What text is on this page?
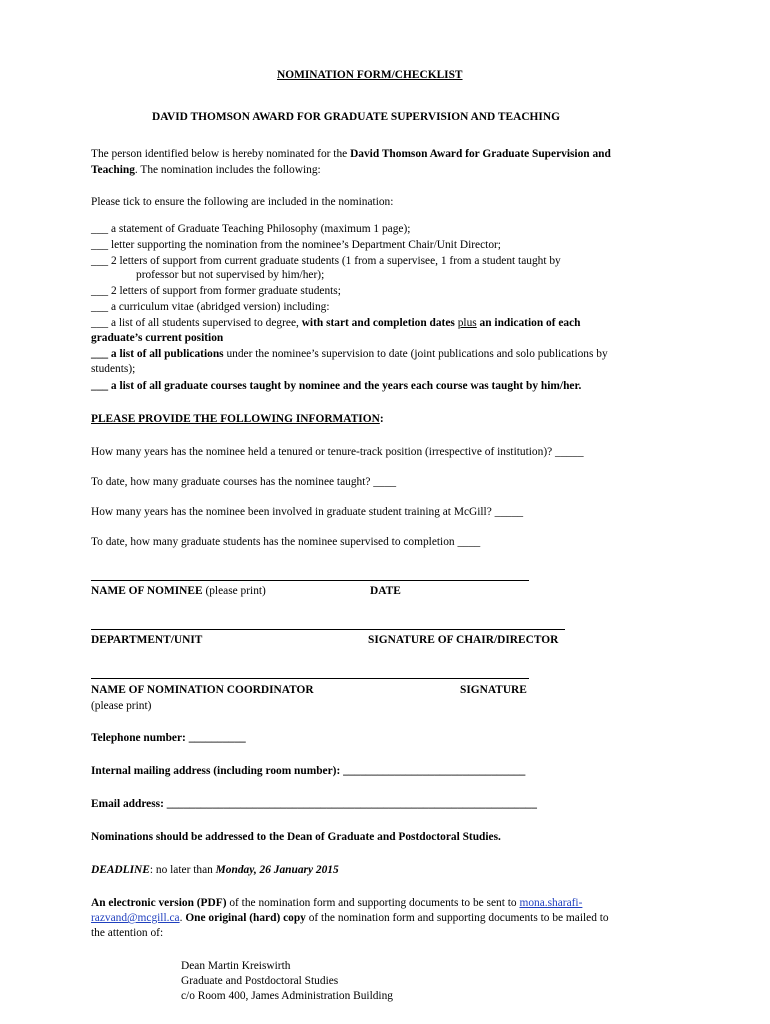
NOMINATION FORM/CHECKLIST
DAVID THOMSON AWARD FOR GRADUATE SUPERVISION AND TEACHING
The person identified below is hereby nominated for the David Thomson Award for Graduate Supervision and
Teaching. The nomination includes the following:
Please tick to ensure the following are included in the nomination:
___ a statement of Graduate Teaching Philosophy (maximum 1 page);
___ letter supporting the nomination from the nominee’s Department Chair/Unit Director;
___ 2 letters of support from current graduate students (1 from a supervisee, 1 from a student taught by
professor but not supervised by him/her);
___ 2 letters of support from former graduate students;
___ a curriculum vitae (abridged version) including:
___ a list of all students supervised to degree, with start and completion dates plus an indication of each
graduate’s current position
___ a list of all publications under the nominee’s supervision to date (joint publications and solo publications by
students);
___ a list of all graduate courses taught by nominee and the years each course was taught by him/her.
PLEASE PROVIDE THE FOLLOWING INFORMATION:
How many years has the nominee held a tenured or tenure-track position (irrespective of institution)? _____
To date, how many graduate courses has the nominee taught? ____
How many years has the nominee been involved in graduate student training at McGill? _____
To date, how many graduate students has the nominee supervised to completion ____
NAME OF NOMINEE (please print)	DATE
DEPARTMENT/UNIT	SIGNATURE OF CHAIR/DIRECTOR
NAME OF NOMINATION COORDINATOR	SIGNATURE
(please print)
Telephone number: __________
Internal mailing address (including room number): ________________________________
Email address: _________________________________________________________________
Nominations should be addressed to the Dean of Graduate and Postdoctoral Studies.
DEADLINE: no later than Monday, 26 January 2015
An electronic version (PDF) of the nomination form and supporting documents to be sent to mona.sharafi-
razvand@mcgill.ca. One original (hard) copy of the nomination form and supporting documents to be mailed to
the attention of:
Dean Martin Kreiswirth
Graduate and Postdoctoral Studies
c/o Room 400, James Administration Building
